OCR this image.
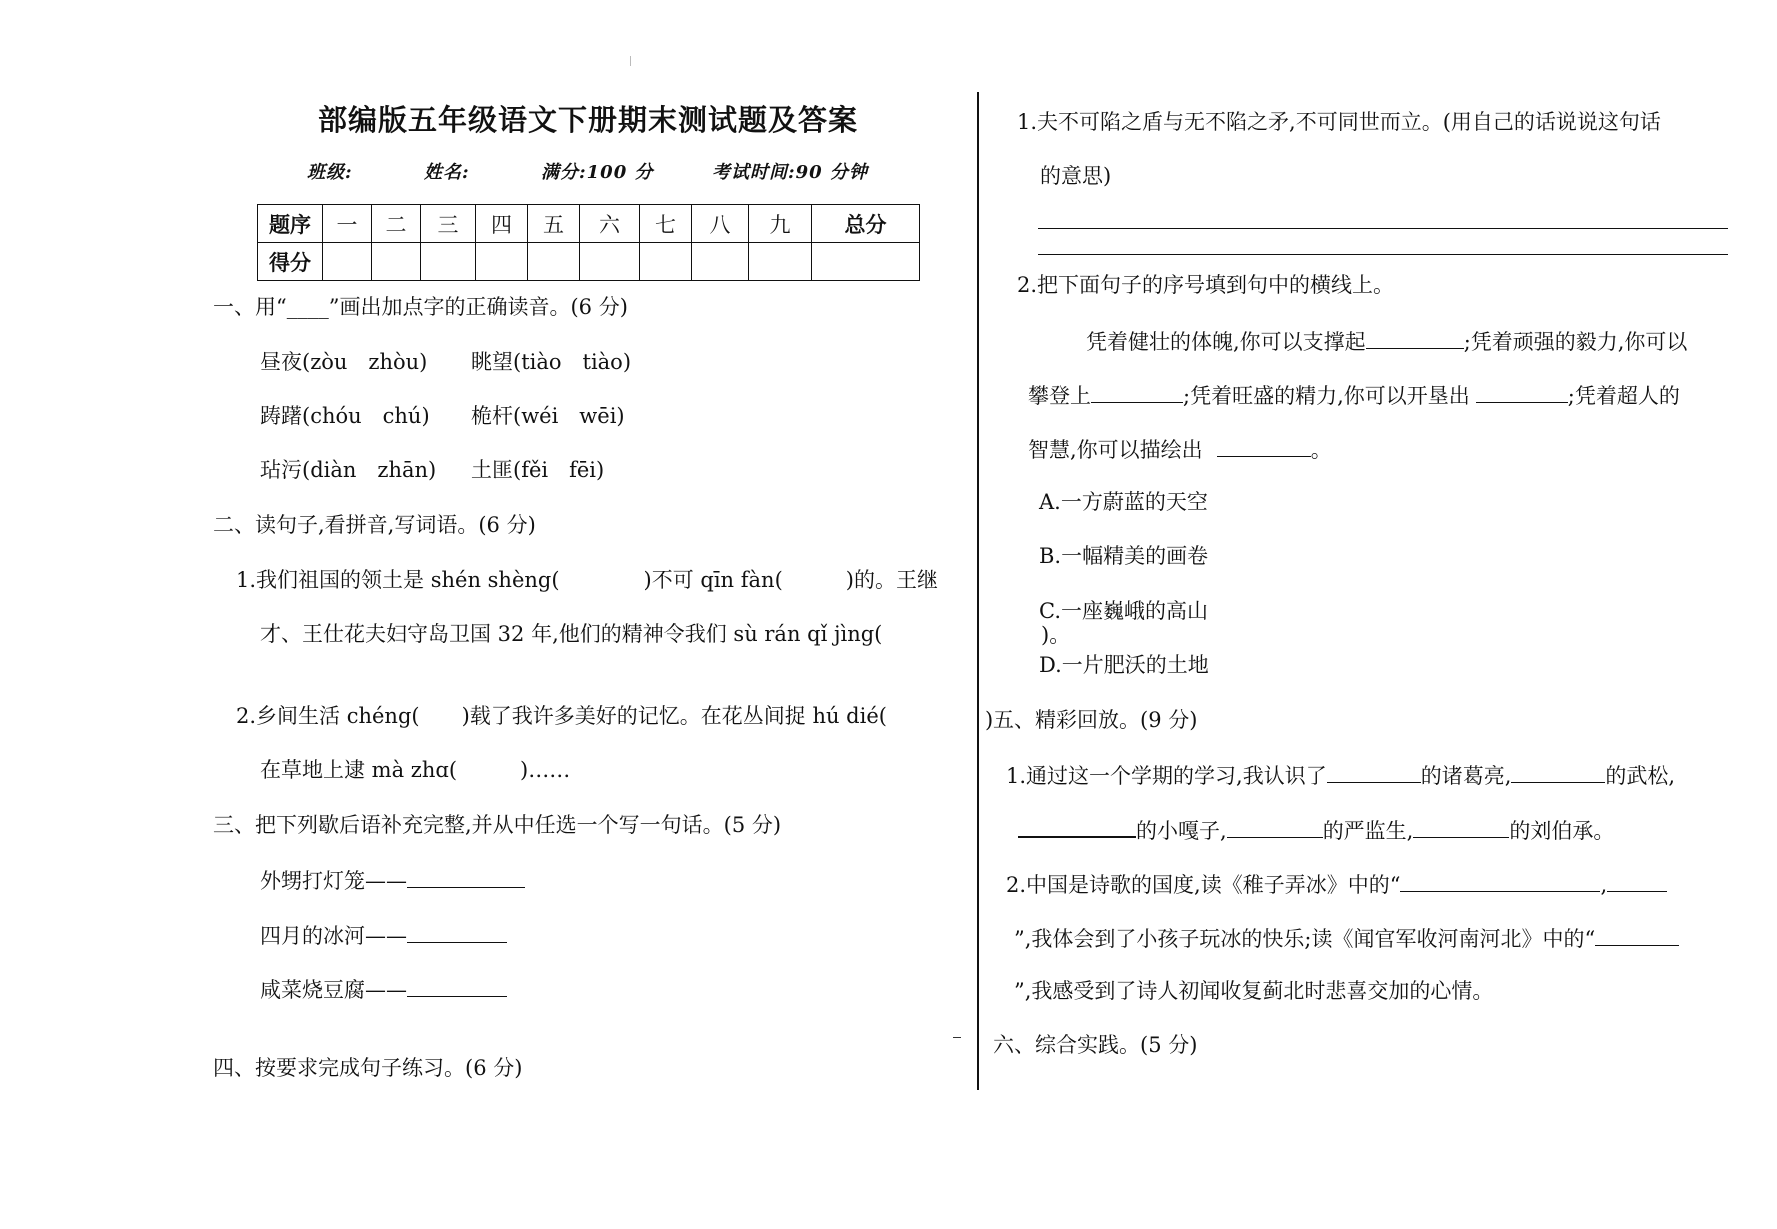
部编版五年级语文下册期末测试题及答案
班级:	姓名:	满分:100 分	考试时间:90 分钟
题序	一	二	三	四	五	六	七	八	九	总分
得分										
一、用“____”画出加点字的正确读音。(6 分)
昼夜(zòu　zhòu) 眺望(tiào　tiào)
踌躇(chóu　chú) 桅杆(wéi　wēi)
玷污(diàn　zhān) 土匪(fěi　fēi)
二、读句子,看拼音,写词语。(6 分)
1.我们祖国的领土是 shén shèng(　　　　)不可 qīn fàn(　　　)的。王继
才、王仕花夫妇守岛卫国 32 年,他们的精神令我们 sù rán qǐ jìng(
2.乡间生活 chéng(　　)载了我许多美好的记忆。在花丛间捉 hú dié(
在草地上逮 mà zhɑ(　　　)……
三、把下列歇后语补充完整,并从中任选一个写一句话。(5 分)
外甥打灯笼——
四月的冰河——
咸菜烧豆腐——
四、按要求完成句子练习。(6 分)
1.夫不可陷之盾与无不陷之矛,不可同世而立。(用自己的话说说这句话
的意思)
2.把下面句子的序号填到句中的横线上。
凭着健壮的体魄,你可以支撑起	;凭着顽强的毅力,你可以
攀登上	;凭着旺盛的精力,你可以开垦出	;凭着超人的
智慧,你可以描绘出	。
A.一方蔚蓝的天空
B.一幅精美的画卷
C.一座巍峨的高山
)。
D.一片肥沃的土地
) 五、精彩回放。(9 分)
1.通过这一个学期的学习,我认识了	的诸葛亮,	的武松,
的小嘎子,	的严监生,	的刘伯承。
2.中国是诗歌的国度,读《稚子弄冰》中的“	,
”,我体会到了小孩子玩冰的快乐;读《闻官军收河南河北》中的“
”,我感受到了诗人初闻收复蓟北时悲喜交加的心情。
六、综合实践。(5 分)
